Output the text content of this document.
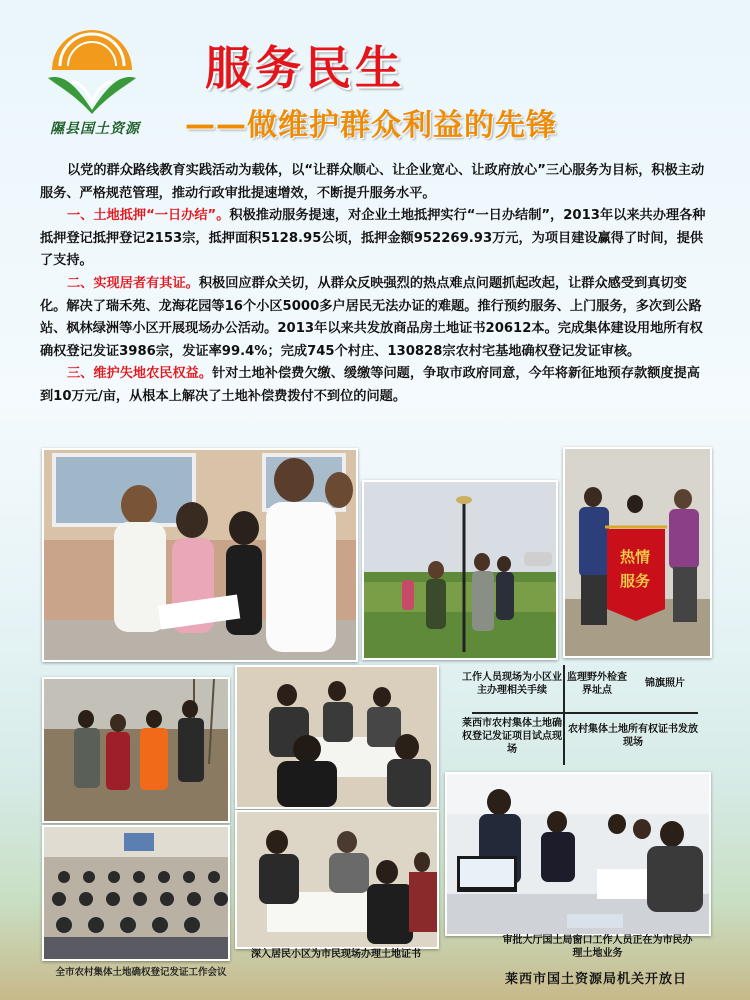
隰县国土资源
服务民生
——做维护群众利益的先锋

以党的群众路线教育实践活动为载体，以“让群众顺心、让企业宽心、让政府放心”三心服务为目标，积极主动服务、严格规范管理，推动行政审批提速增效，不断提升服务水平。

一、土地抵押“一日办结”。积极推动服务提速，对企业土地抵押实行“一日办结制”，2013年以来共办理各种抵押登记抵押登记2153宗，抵押面积5128.95公顷，抵押金额952269.93万元，为项目建设赢得了时间，提供了支持。

二、实现居者有其证。积极回应群众关切，从群众反映强烈的热点难点问题抓起改起，让群众感受到真切变化。解决了瑞禾苑、龙海花园等16个小区5000多户居民无法办证的难题。推行预约服务、上门服务，多次到公路站、枫林绿洲等小区开展现场办公活动。2013年以来共发放商品房土地证书20612本。完成集体建设用地所有权确权登记发证3986宗，发证率99.4%；完成745个村庄、130828宗农村宅基地确权登记发证审核。

三、维护失地农民权益。针对土地补偿费欠缴、缓缴等问题，争取市政府同意，今年将新征地预存款额度提高到10万元/亩，从根本上解决了土地补偿费拨付不到位的问题。

热情
服务
工作人员现场为小区业主办理相关手续
监理野外检查界址点
锦旗照片
莱西市农村集体土地确权登记发证项目试点现场
农村集体土地所有权证书发放现场
深入居民小区为市民现场办理土地证书
审批大厅国土局窗口工作人员正在为市民办理土地业务
全市农村集体土地确权登记发证工作会议	莱西市国土资源局机关开放日
